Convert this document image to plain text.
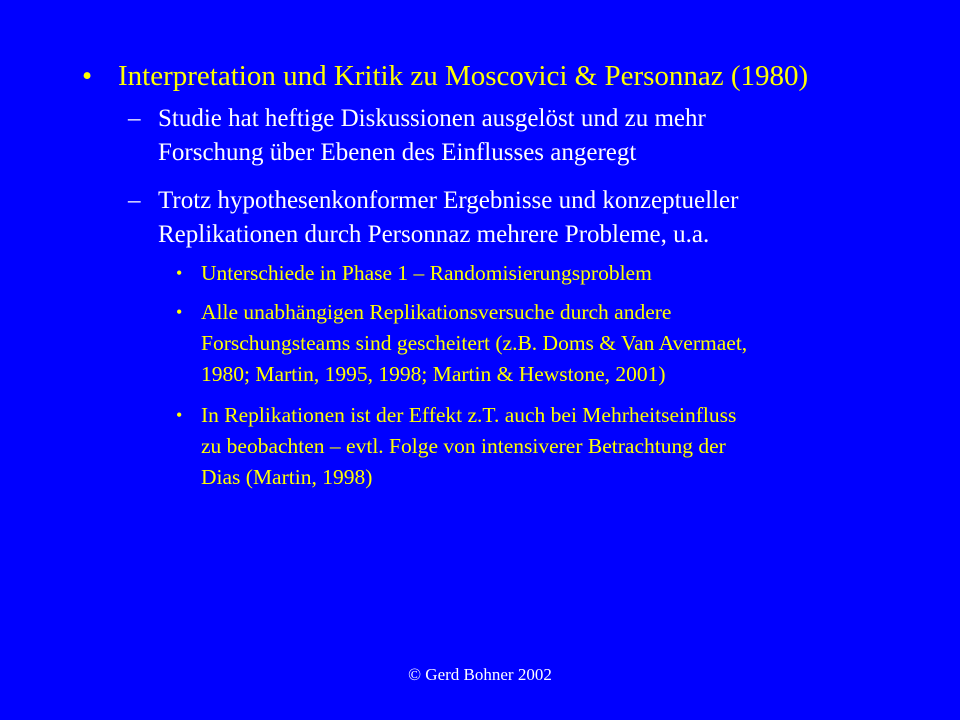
• Interpretation und Kritik zu Moscovici & Personnaz (1980)
– Studie hat heftige Diskussionen ausgelöst und zu mehr
Forschung über Ebenen des Einflusses angeregt
– Trotz hypothesenkonformer Ergebnisse und konzeptueller
Replikationen durch Personnaz mehrere Probleme, u.a.
• Unterschiede in Phase 1 – Randomisierungsproblem
• Alle unabhängigen Replikationsversuche durch andere
Forschungsteams sind gescheitert (z.B. Doms & Van Avermaet,
1980; Martin, 1995, 1998; Martin & Hewstone, 2001)
• In Replikationen ist der Effekt z.T. auch bei Mehrheitseinfluss
zu beobachten – evtl. Folge von intensiverer Betrachtung der
Dias (Martin, 1998)
© Gerd Bohner 2002
